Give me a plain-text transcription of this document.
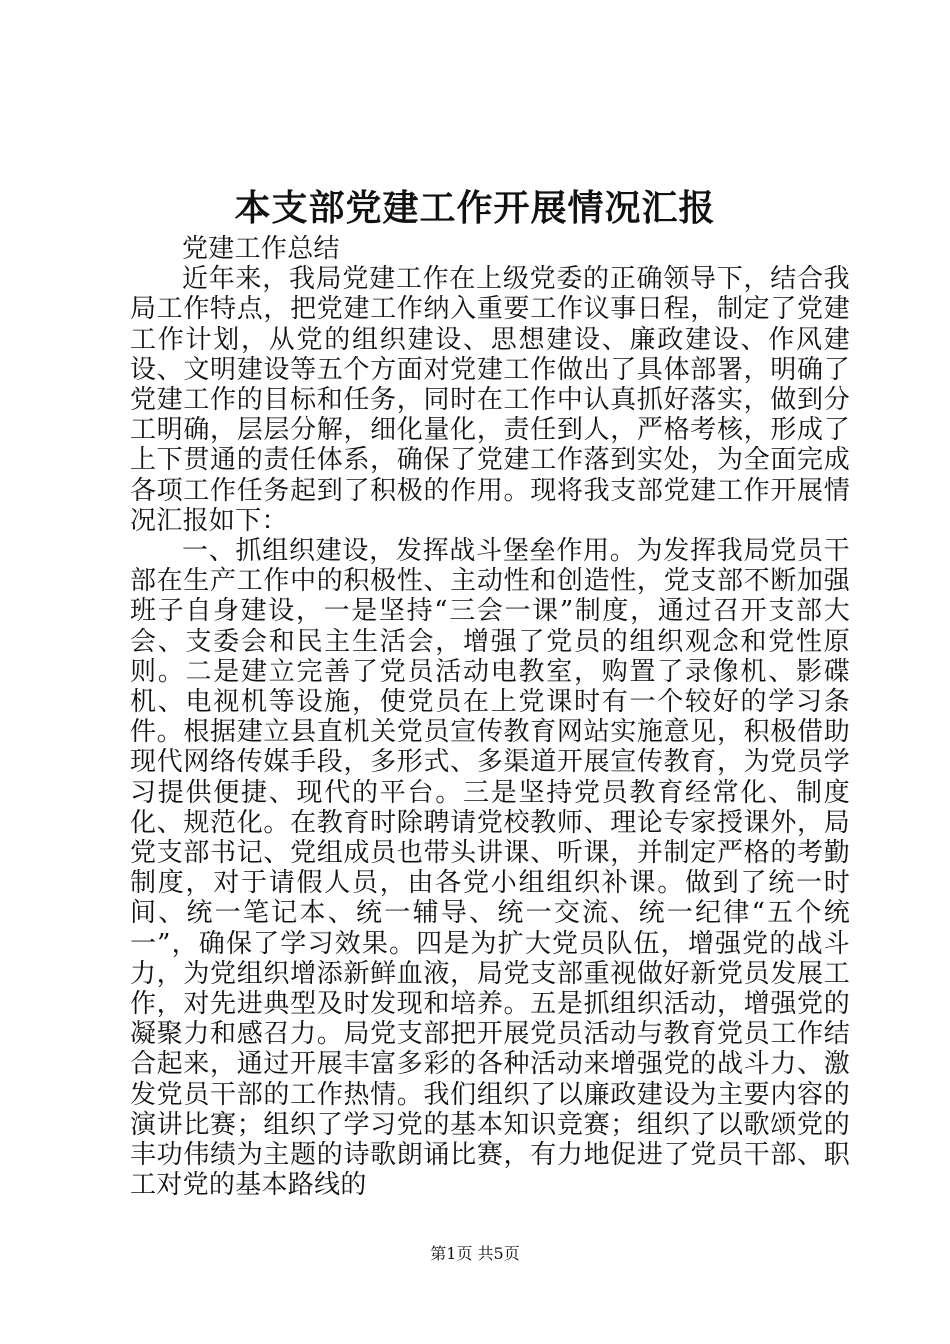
本支部党建工作开展情况汇报

党建工作总结

近年来，我局党建工作在上级党委的正确领导下，结合我局工作特点，把党建工作纳入重要工作议事日程，制定了党建工作计划，从党的组织建设、思想建设、廉政建设、作风建设、文明建设等五个方面对党建工作做出了具体部署，明确了党建工作的目标和任务，同时在工作中认真抓好落实，做到分工明确，层层分解，细化量化，责任到人，严格考核，形成了上下贯通的责任体系，确保了党建工作落到实处，为全面完成各项工作任务起到了积极的作用。现将我支部党建工作开展情况汇报如下：

一、抓组织建设，发挥战斗堡垒作用。为发挥我局党员干部在生产工作中的积极性、主动性和创造性，党支部不断加强班子自身建设，一是坚持“三会一课”制度，通过召开支部大会、支委会和民主生活会，增强了党员的组织观念和党性原则。二是建立完善了党员活动电教室，购置了录像机、影碟机、电视机等设施，使党员在上党课时有一个较好的学习条件。根据建立县直机关党员宣传教育网站实施意见，积极借助现代网络传媒手段，多形式、多渠道开展宣传教育，为党员学习提供便捷、现代的平台。三是坚持党员教育经常化、制度化、规范化。在教育时除聘请党校教师、理论专家授课外，局党支部书记、党组成员也带头讲课、听课，并制定严格的考勤制度，对于请假人员，由各党小组组织补课。做到了统一时间、统一笔记本、统一辅导、统一交流、统一纪律“五个统一”，确保了学习效果。四是为扩大党员队伍，增强党的战斗力，为党组织增添新鲜血液，局党支部重视做好新党员发展工作，对先进典型及时发现和培养。五是抓组织活动，增强党的凝聚力和感召力。局党支部把开展党员活动与教育党员工作结合起来，通过开展丰富多彩的各种活动来增强党的战斗力、激发党员干部的工作热情。我们组织了以廉政建设为主要内容的演讲比赛；组织了学习党的基本知识竞赛；组织了以歌颂党的丰功伟绩为主题的诗歌朗诵比赛，有力地促进了党员干部、职工对党的基本路线的

第1页 共5页
